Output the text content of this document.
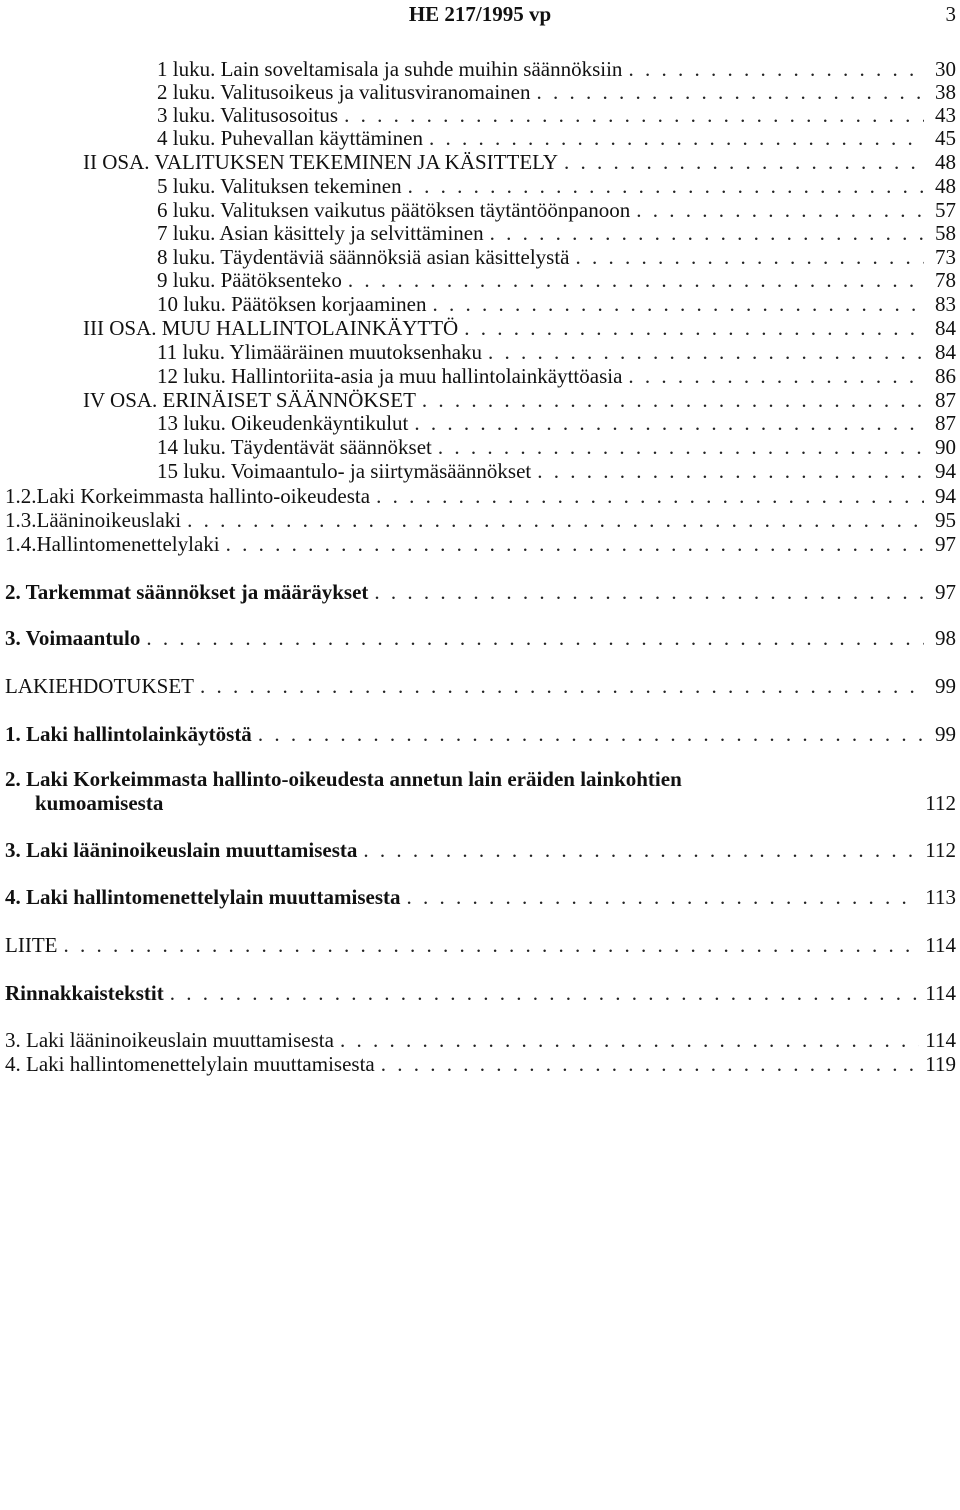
HE 217/1995 vp	3
1 luku. Lain soveltamisala ja suhde muihin säännöksiin . . .	30
2 luku. Valitusoikeus ja valitusviranomainen . . .	38
3 luku. Valitusosoitus . . .	43
4 luku. Puhevallan käyttäminen . . .	45
II OSA. VALITUKSEN TEKEMINEN JA KÄSITTELY . . .	48
5 luku. Valituksen tekeminen . . .	48
6 luku. Valituksen vaikutus päätöksen täytäntöönpanoon . . .	57
7 luku. Asian käsittely ja selvittäminen . . .	58
8 luku. Täydentäviä säännöksiä asian käsittelystä . . .	73
9 luku. Päätöksenteko . . .	78
10 luku. Päätöksen korjaaminen . . .	83
III OSA. MUU HALLINTOLAINKÄYTTÖ . . .	84
11 luku. Ylimääräinen muutoksenhaku . . .	84
12 luku. Hallintoriita-asia ja muu hallintolainkäyttöasia . . .	86
IV OSA. ERINÄISET SÄÄNNÖKSET . . .	87
13 luku. Oikeudenkäyntikulut . . .	87
14 luku. Täydentävät säännökset . . .	90
15 luku. Voimaantulo- ja siirtymäsäännökset . . .	94
1.2. Laki Korkeimmasta hallinto-oikeudesta . . .	94
1.3. Lääninoikeuslaki . . .	95
1.4. Hallintomenettelylaki . . .	97
2. Tarkemmat säännökset ja määräykset . . .	97
3. Voimaantulo . . .	98
LAKIEHDOTUKSET . . .	99
1. Laki hallintolainkäytöstä . . .	99
2. Laki Korkeimmasta hallinto-oikeudesta annetun lain eräiden lainkohtien
kumoamisesta	112
3. Laki lääninoikeuslain muuttamisesta . . .	112
4. Laki hallintomenettelylain muuttamisesta . . .	113
LIITE . . .	114
Rinnakkaistekstit . . .	114
3. Laki lääninoikeuslain muuttamisesta . . .	114
4. Laki hallintomenettelylain muuttamisesta . . .	119
